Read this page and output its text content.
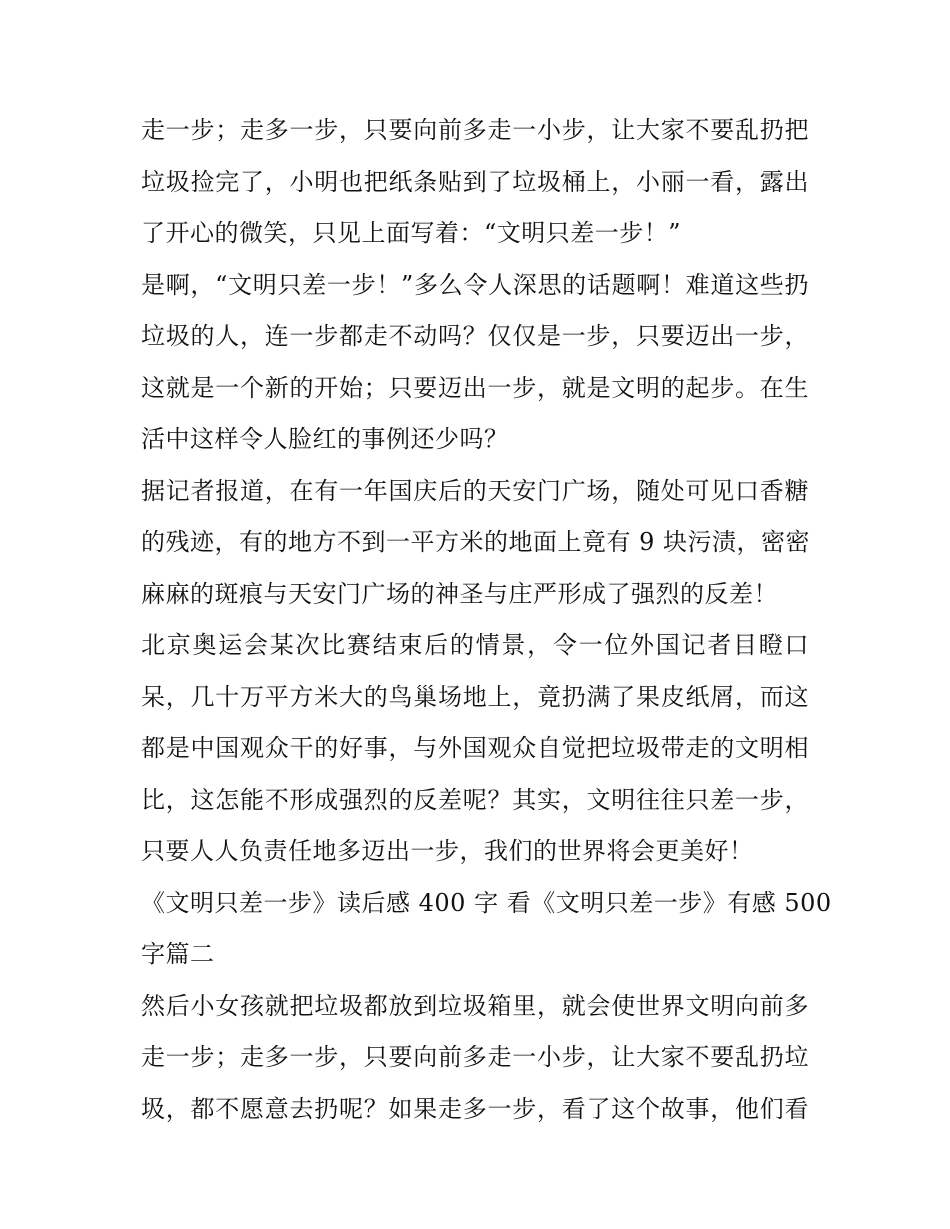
走一步；走多一步，只要向前多走一小步，让大家不要乱扔把
垃圾捡完了，小明也把纸条贴到了垃圾桶上，小丽一看，露出
了开心的微笑，只见上面写着：“文明只差一步！”

是啊，“文明只差一步！”多么令人深思的话题啊！难道这些扔
垃圾的人，连一步都走不动吗？仅仅是一步，只要迈出一步，
这就是一个新的开始；只要迈出一步，就是文明的起步。在生
活中这样令人脸红的事例还少吗？

据记者报道，在有一年国庆后的天安门广场，随处可见口香糖
的残迹，有的地方不到一平方米的地面上竟有 9 块污渍，密密
麻麻的斑痕与天安门广场的神圣与庄严形成了强烈的反差！

北京奥运会某次比赛结束后的情景，令一位外国记者目瞪口
呆，几十万平方米大的鸟巢场地上，竟扔满了果皮纸屑，而这
都是中国观众干的好事，与外国观众自觉把垃圾带走的文明相
比，这怎能不形成强烈的反差呢？其实，文明往往只差一步，
只要人人负责任地多迈出一步，我们的世界将会更美好！

《文明只差一步》读后感 400 字 看《文明只差一步》有感 500
字篇二

然后小女孩就把垃圾都放到垃圾箱里，就会使世界文明向前多
走一步；走多一步，只要向前多走一小步，让大家不要乱扔垃
圾，都不愿意去扔呢？如果走多一步，看了这个故事，他们看
